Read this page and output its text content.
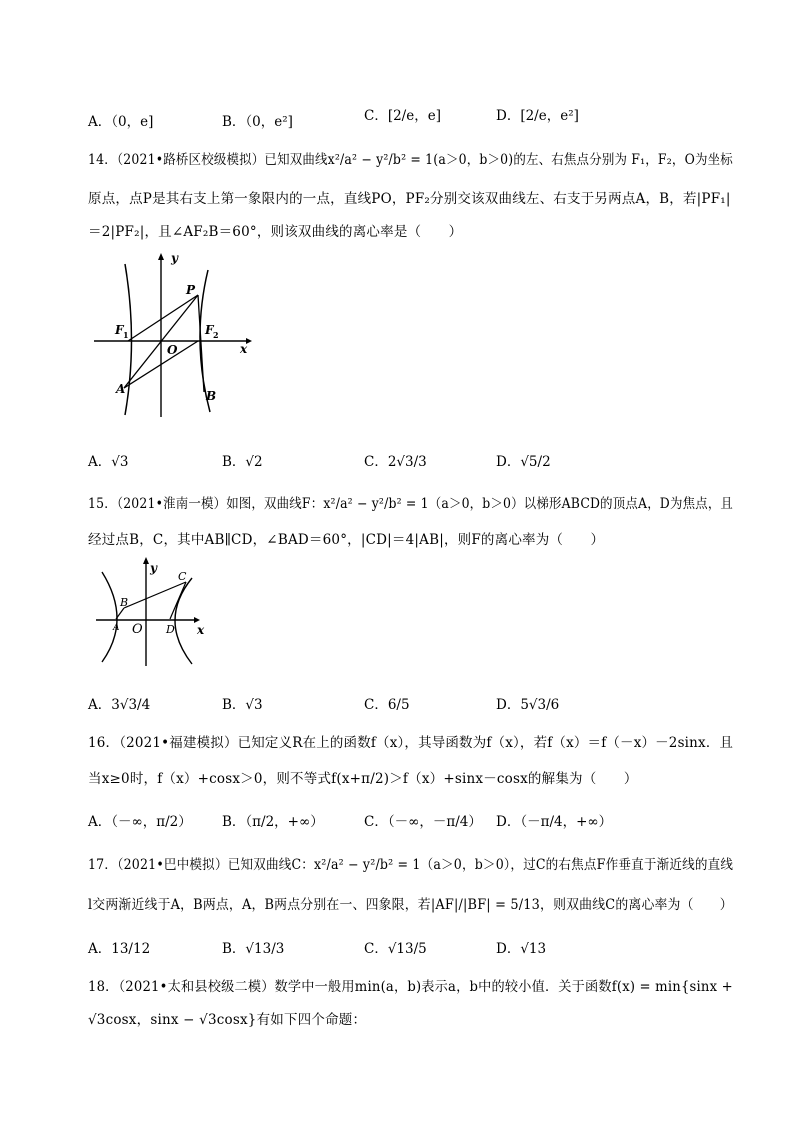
A．（0，e]	B．（0，e²]	C．[2/e，e]	D．[2/e，e²]
14．（2021•路桥区校级模拟）已知双曲线x²/a² − y²/b² = 1(a＞0，b＞0)的左、右焦点分别为 F₁，F₂，O为坐标
原点，点P是其右支上第一象限内的一点，直线PO，PF₂分别交该双曲线左、右支于另两点A，B，若|PF₁|
＝2|PF₂|，且∠AF₂B＝60°，则该双曲线的离心率是（　　）
y
x
P
F 1	F 2
O
A	B
A．√3	B．√2	C．2√3/3	D．√5/2
15．（2021•淮南一模）如图，双曲线F：x²/a² − y²/b² = 1（a＞0，b＞0）以梯形ABCD的顶点A，D为焦点，且
经过点B，C，其中AB∥CD，∠BAD＝60°，|CD|＝4|AB|，则F的离心率为（　　）
y
x
C
B
A O D
A．3√3/4	B．√3	C．6/5	D．5√3/6
16．（2021•福建模拟）已知定义R在上的函数f（x），其导函数为f（x），若f（x）＝f（－x）－2sinx．且
当x≥0时，f（x）+cosx＞0，则不等式f(x+π/2)＞f（x）+sinx－cosx的解集为（　　）
A．（－∞，π/2） B．（π/2，+∞）	C．（－∞，－π/4） D．（－π/4，+∞）
17．（2021•巴中模拟）已知双曲线C：x²/a² − y²/b² = 1（a＞0，b＞0），过C的右焦点F作垂直于渐近线的直线
l交两渐近线于A，B两点，A，B两点分别在一、四象限，若|AF|/|BF| = 5/13，则双曲线C的离心率为（　　）
A．13/12	B．√13/3	C．√13/5	D．√13
18．（2021•太和县校级二模）数学中一般用min(a，b)表示a，b中的较小值．关于函数f(x) = min{sinx +
√3cosx，sinx − √3cosx}有如下四个命题：
